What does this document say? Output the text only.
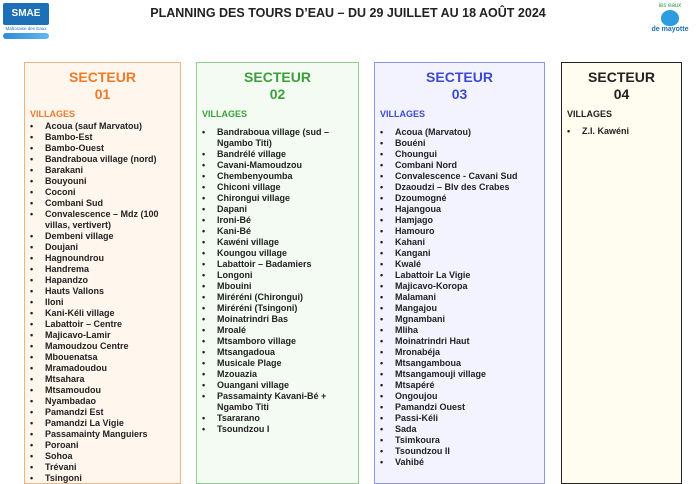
SMAE
Mahoraise des Eaux
les eaux
de mayotte
PLANNING DES TOURS D’EAU – DU 29 JUILLET AU 18 AOÛT 2024
SECTEUR
01
VILLAGES
• Acoua (sauf Marvatou)
• Bambo-Est
• Bambo-Ouest
• Bandraboua village (nord)
• Barakani
• Bouyouni
• Coconi
• Combani Sud
• Convalescence – Mdz (100 villas, vertivert)
• Dembeni village
• Doujani
• Hagnoundrou
• Handrema
• Hapandzo
• Hauts Vallons
• Iloni
• Kani-Kéli village
• Labattoir – Centre
• Majicavo-Lamir
• Mamoudzou Centre
• Mbouenatsa
• Mramadoudou
• Mtsahara
• Mtsamoudou
• Nyambadao
• Pamandzi Est
• Pamandzi La Vigie
• Passamainty Manguiers
• Poroani
• Sohoa
• Trévani
• Tsingoni
SECTEUR
02
VILLAGES
• Bandraboua village (sud – Ngambo Titi)
• Bandrélé village
• Cavani-Mamoudzou
• Chembenyoumba
• Chiconi village
• Chirongui village
• Dapani
• Ironi-Bé
• Kani-Bé
• Kawéni village
• Koungou village
• Labattoir – Badamiers
• Longoni
• Mbouini
• Miréréni (Chirongui)
• Miréréni (Tsingoni)
• Moinatrindri Bas
• Mroalé
• Mtsamboro village
• Mtsangadoua
• Musicale Plage
• Mzouazia
• Ouangani village
• Passamainty Kavani-Bé + Ngambo Titi
• Tsararano
• Tsoundzou I
SECTEUR
03
VILLAGES
• Acoua (Marvatou)
• Bouéni
• Choungui
• Combani Nord
• Convalescence - Cavani Sud
• Dzaoudzi – Blv des Crabes
• Dzoumogné
• Hajangoua
• Hamjago
• Hamouro
• Kahani
• Kangani
• Kwalé
• Labattoir La Vigie
• Majicavo-Koropa
• Malamani
• Mangajou
• Mgnambani
• Mliha
• Moinatrindri Haut
• Mronabéja
• Mtsangamboua
• Mtsangamouji village
• Mtsapéré
• Ongoujou
• Pamandzi Ouest
• Passi-Kéli
• Sada
• Tsimkoura
• Tsoundzou II
• Vahibé
SECTEUR
04
VILLAGES
• Z.I. Kawéni
